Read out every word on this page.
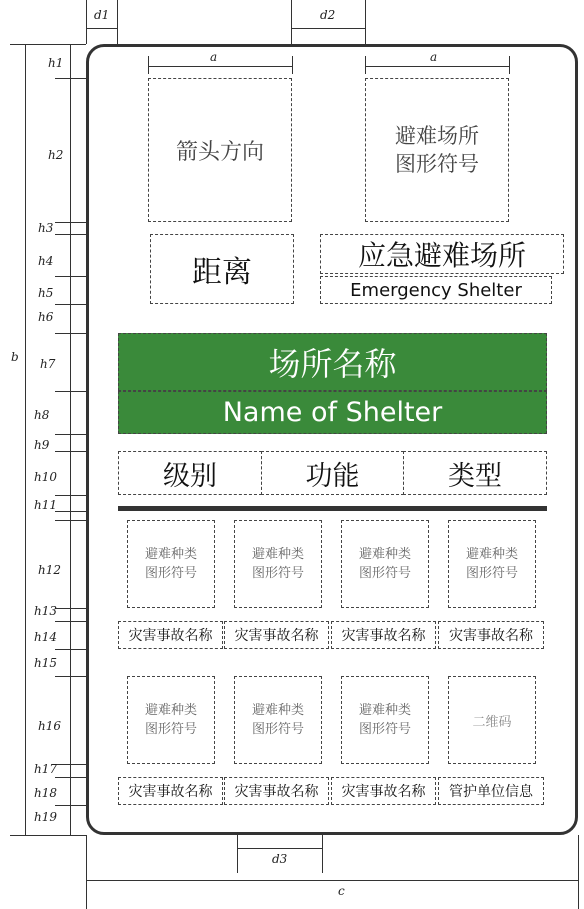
箭头方向
避难场所
图形符号
距离	应急避难场所
Emergency Shelter
场所名称
Name of Shelter
级别	功能	类型
避难种类
图形符号
避难种类
图形符号
避难种类
图形符号
避难种类
图形符号
灾害事故名称 灾害事故名称 灾害事故名称 灾害事故名称
避难种类
图形符号
避难种类
图形符号
避难种类
图形符号	二维码
灾害事故名称 灾害事故名称 灾害事故名称 管护单位信息
a	a
d1	d2
d3
c
b
h1
h2
h3
h4
h5
h6
h7
h8
h9
h10
h11
h12
h13
h14
h15
h16
h17
h18
h19
